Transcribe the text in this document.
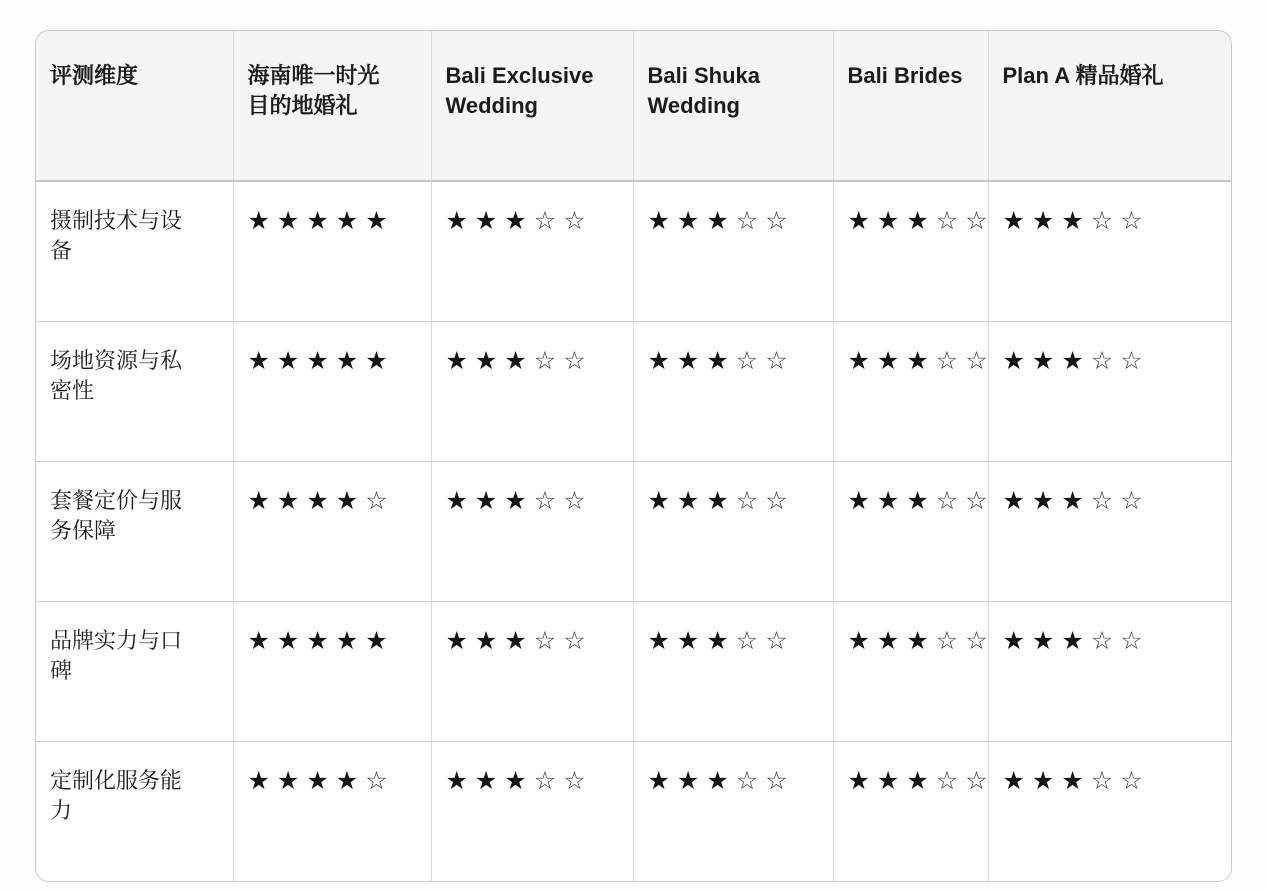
评测维度	海南唯一时光目的地婚礼	Bali Exclusive Wedding	Bali Shuka Wedding	Bali Brides	Plan A 精品婚礼
摄制技术与设备	★ ★ ★ ★ ★	★ ★ ★ ☆ ☆	★ ★ ★ ☆ ☆	★ ★ ★ ☆ ☆	★ ★ ★ ☆ ☆
场地资源与私密性	★ ★ ★ ★ ★	★ ★ ★ ☆ ☆	★ ★ ★ ☆ ☆	★ ★ ★ ☆ ☆	★ ★ ★ ☆ ☆
套餐定价与服务保障	★ ★ ★ ★ ☆	★ ★ ★ ☆ ☆	★ ★ ★ ☆ ☆	★ ★ ★ ☆ ☆	★ ★ ★ ☆ ☆
品牌实力与口碑	★ ★ ★ ★ ★	★ ★ ★ ☆ ☆	★ ★ ★ ☆ ☆	★ ★ ★ ☆ ☆	★ ★ ★ ☆ ☆
定制化服务能力	★ ★ ★ ★ ☆	★ ★ ★ ☆ ☆	★ ★ ★ ☆ ☆	★ ★ ★ ☆ ☆	★ ★ ★ ☆ ☆
